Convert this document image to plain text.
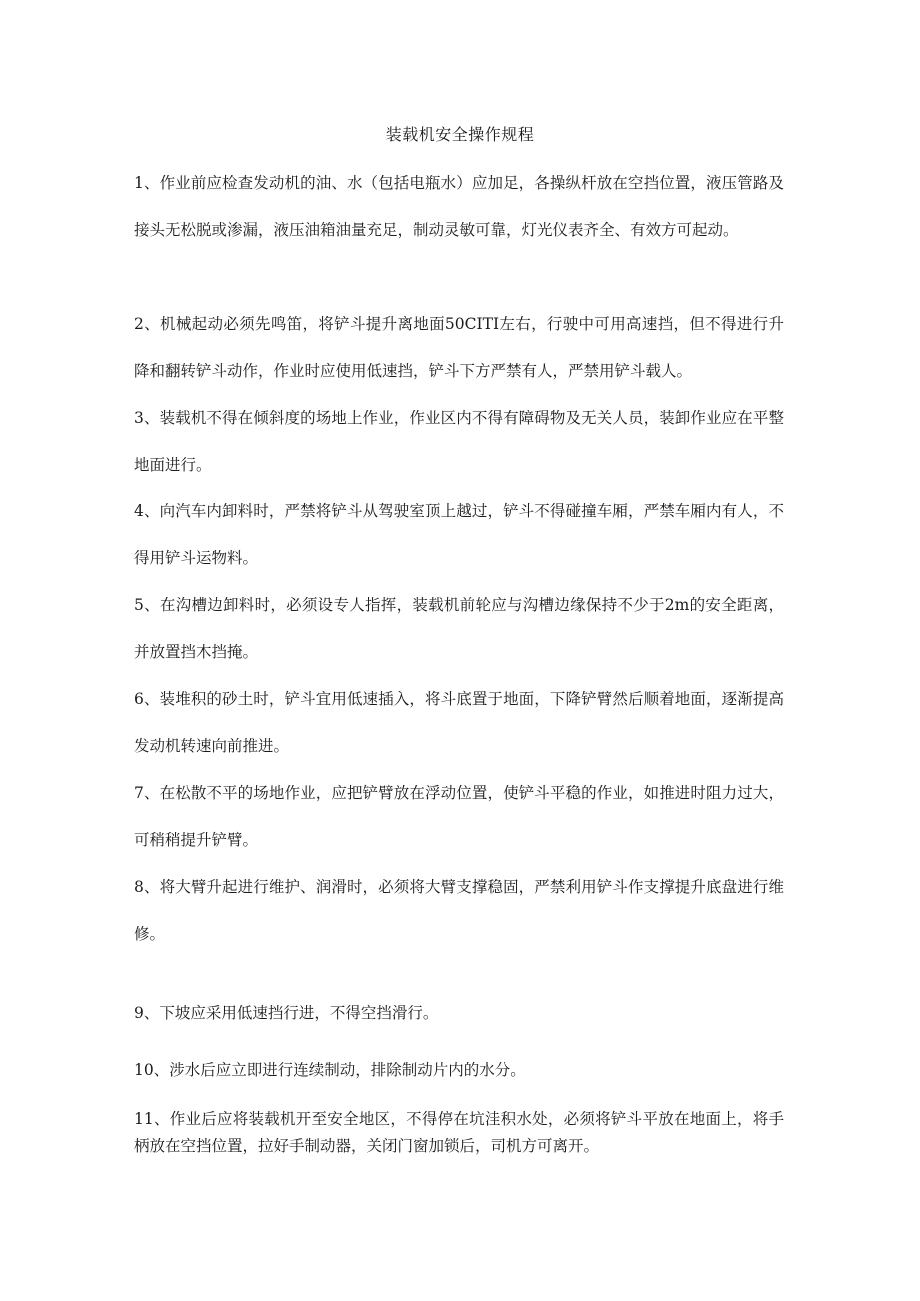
装载机安全操作规程

1、作业前应检查发动机的油、水（包括电瓶水）应加足，各操纵杆放在空挡位置，液压管路及接头无松脱或渗漏，液压油箱油量充足，制动灵敏可靠，灯光仪表齐全、有效方可起动。

2、机械起动必须先鸣笛，将铲斗提升离地面50CITI左右，行驶中可用高速挡，但不得进行升降和翻转铲斗动作，作业时应使用低速挡，铲斗下方严禁有人，严禁用铲斗载人。

3、装载机不得在倾斜度的场地上作业，作业区内不得有障碍物及无关人员，装卸作业应在平整地面进行。

4、向汽车内卸料时，严禁将铲斗从驾驶室顶上越过，铲斗不得碰撞车厢，严禁车厢内有人，不得用铲斗运物料。

5、在沟槽边卸料时，必须设专人指挥，装载机前轮应与沟槽边缘保持不少于2m的安全距离，并放置挡木挡掩。

6、装堆积的砂土时，铲斗宜用低速插入，将斗底置于地面，下降铲臂然后顺着地面，逐渐提高发动机转速向前推进。

7、在松散不平的场地作业，应把铲臂放在浮动位置，使铲斗平稳的作业，如推进时阻力过大，可稍稍提升铲臂。

8、将大臂升起进行维护、润滑时，必须将大臂支撑稳固，严禁利用铲斗作支撑提升底盘进行维修。

9、下坡应采用低速挡行进，不得空挡滑行。

10、涉水后应立即进行连续制动，排除制动片内的水分。

11、作业后应将装载机开至安全地区，不得停在坑洼积水处，必须将铲斗平放在地面上，将手柄放在空挡位置，拉好手制动器，关闭门窗加锁后，司机方可离开。
